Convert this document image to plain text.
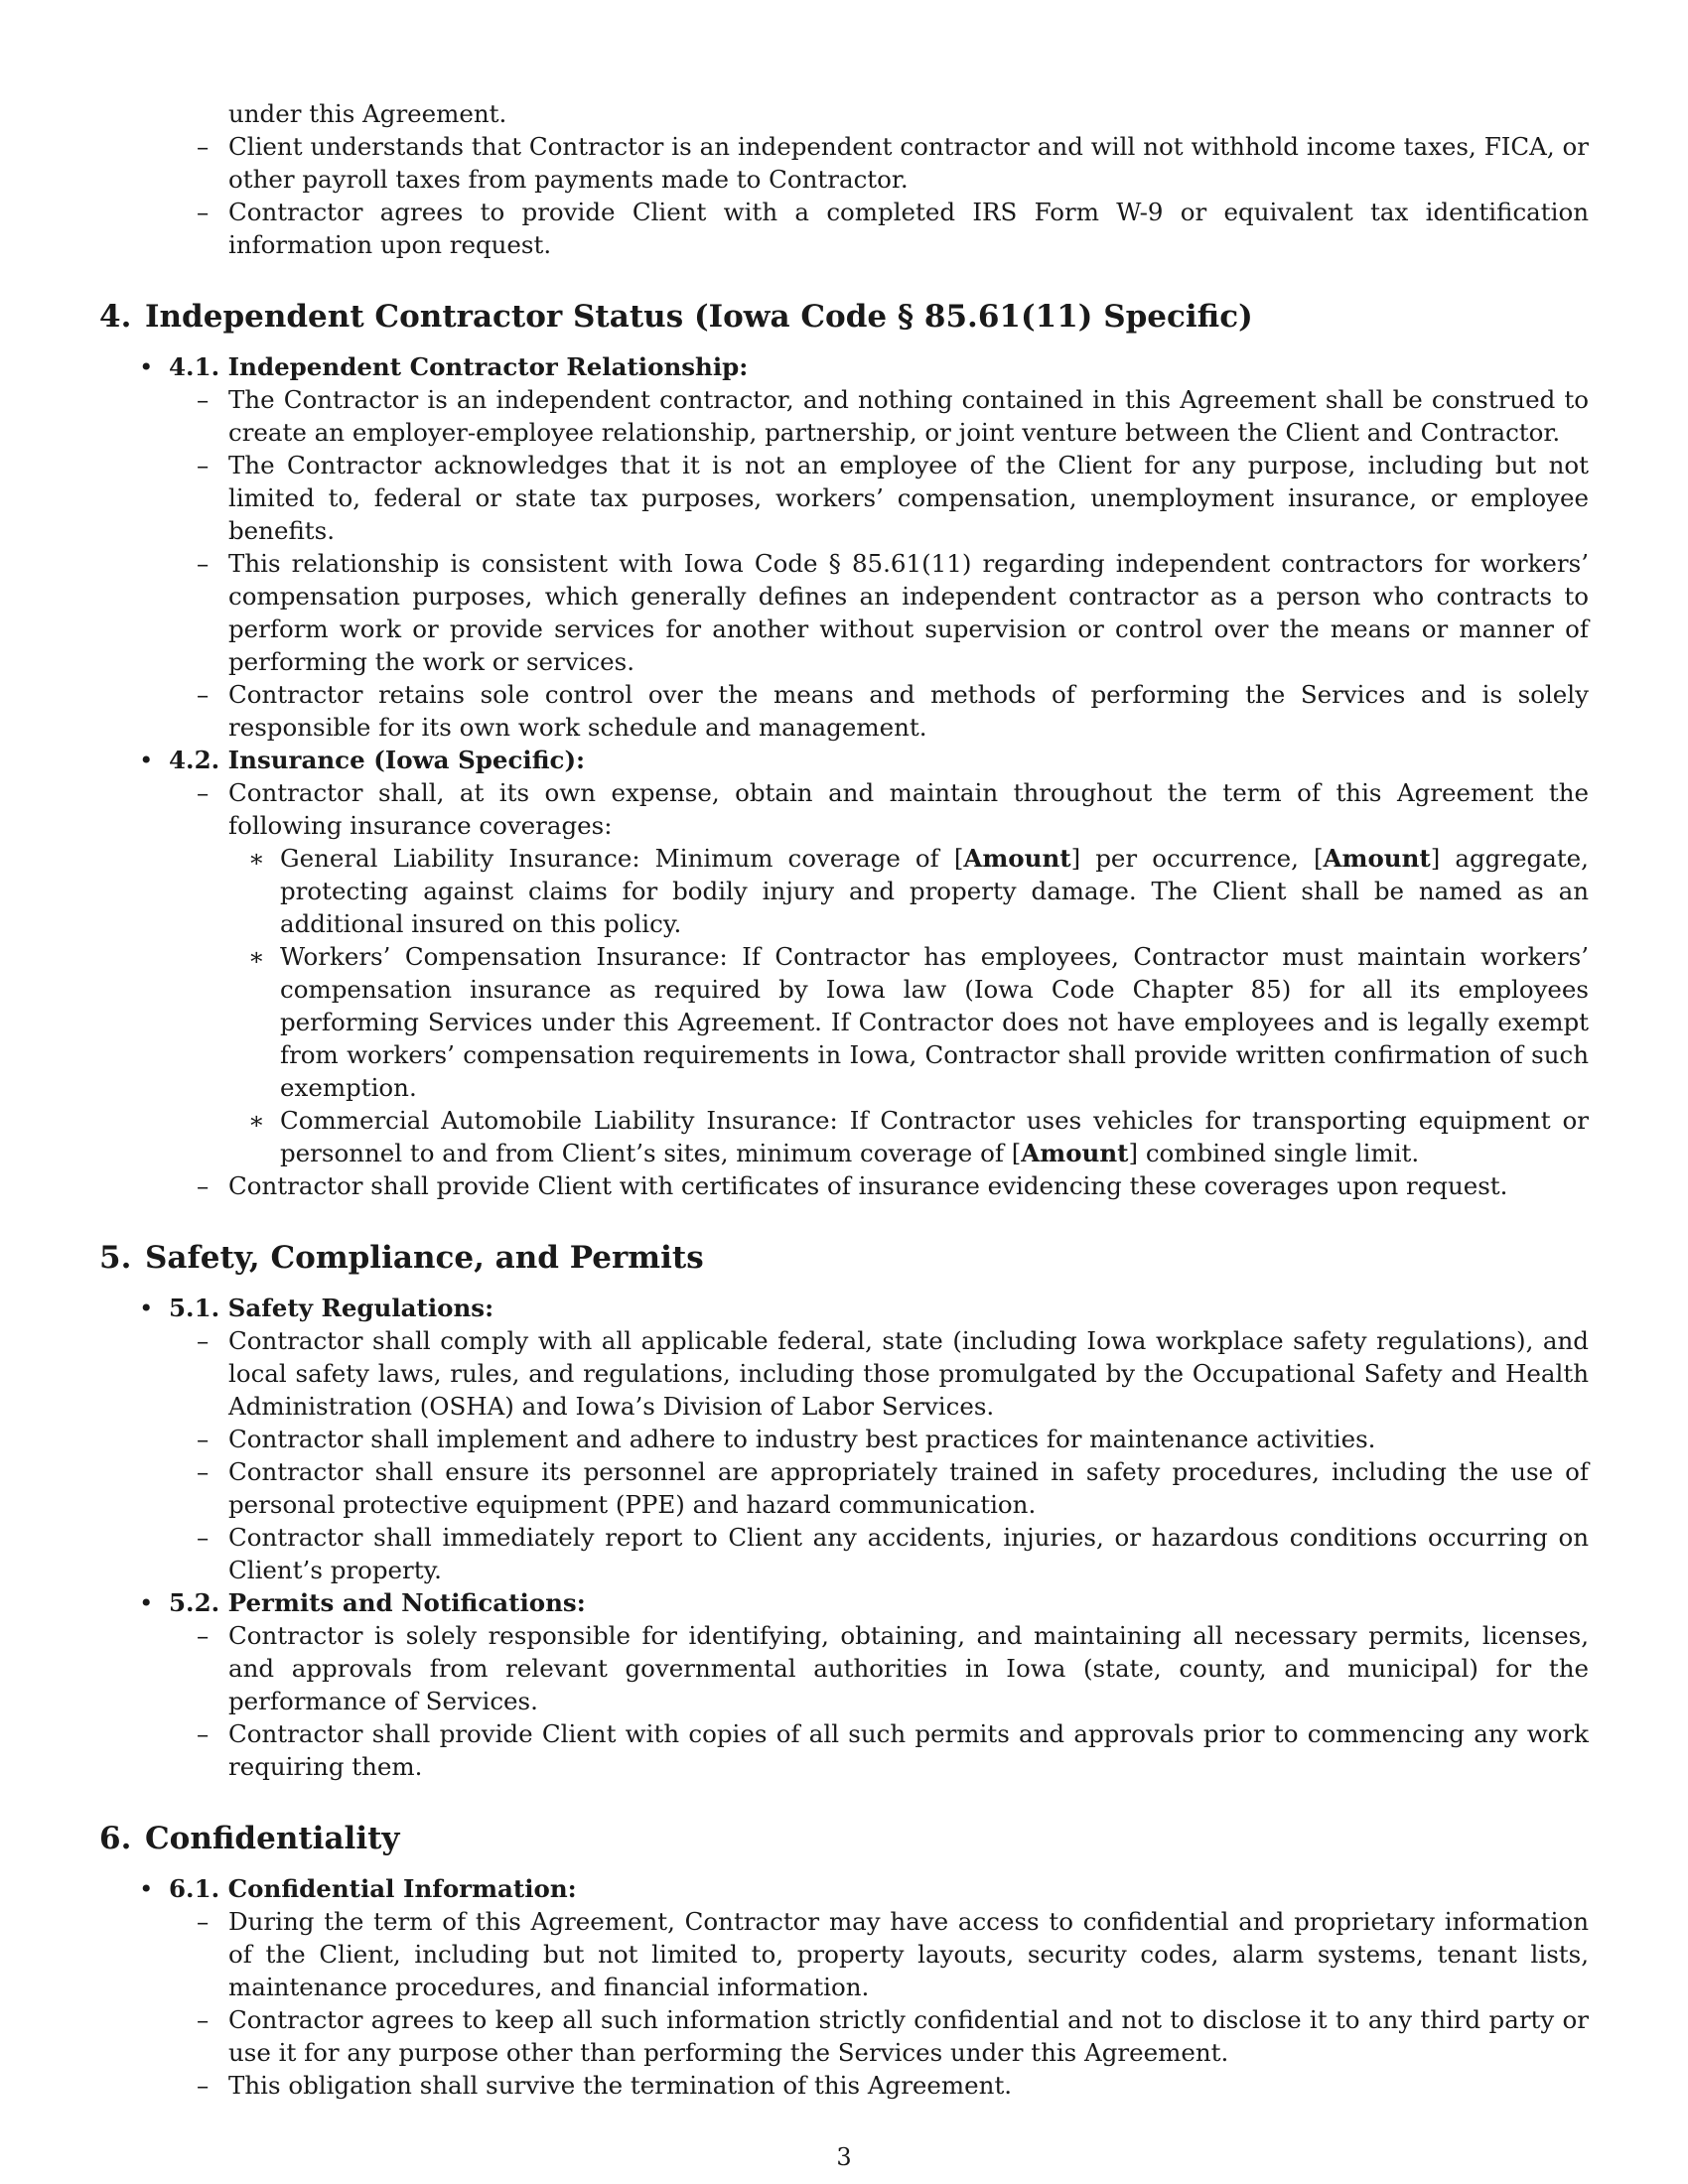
under this Agreement.
– Client understands that Contractor is an independent contractor and will not withhold income taxes, FICA, or other payroll taxes from payments made to Contractor.
– Contractor agrees to provide Client with a completed IRS Form W-9 or equivalent tax identification information upon request.
4. Independent Contractor Status (Iowa Code § 85.61(11) Specific)
• 4.1. Independent Contractor Relationship:
– The Contractor is an independent contractor, and nothing contained in this Agreement shall be construed to create an employer-employee relationship, partnership, or joint venture between the Client and Contractor.
– The Contractor acknowledges that it is not an employee of the Client for any purpose, including but not limited to, federal or state tax purposes, workers’ compensation, unemployment insurance, or employee benefits.
– This relationship is consistent with Iowa Code § 85.61(11) regarding independent contractors for workers’ compensation purposes, which generally defines an independent contractor as a person who contracts to perform work or provide services for another without supervision or control over the means or manner of performing the work or services.
– Contractor retains sole control over the means and methods of performing the Services and is solely responsible for its own work schedule and management.
• 4.2. Insurance (Iowa Specific):
– Contractor shall, at its own expense, obtain and maintain throughout the term of this Agreement the following insurance coverages:
∗ General Liability Insurance: Minimum coverage of [Amount] per occurrence, [Amount] aggregate, protecting against claims for bodily injury and property damage. The Client shall be named as an additional insured on this policy.
∗ Workers’ Compensation Insurance: If Contractor has employees, Contractor must maintain workers’ compensation insurance as required by Iowa law (Iowa Code Chapter 85) for all its employees performing Services under this Agreement. If Contractor does not have employees and is legally exempt from workers’ compensation requirements in Iowa, Contractor shall provide written confirmation of such exemption.
∗ Commercial Automobile Liability Insurance: If Contractor uses vehicles for transporting equipment or personnel to and from Client’s sites, minimum coverage of [Amount] combined single limit.
– Contractor shall provide Client with certificates of insurance evidencing these coverages upon request.
5. Safety, Compliance, and Permits
• 5.1. Safety Regulations:
– Contractor shall comply with all applicable federal, state (including Iowa workplace safety regulations), and local safety laws, rules, and regulations, including those promulgated by the Occupational Safety and Health Administration (OSHA) and Iowa’s Division of Labor Services.
– Contractor shall implement and adhere to industry best practices for maintenance activities.
– Contractor shall ensure its personnel are appropriately trained in safety procedures, including the use of personal protective equipment (PPE) and hazard communication.
– Contractor shall immediately report to Client any accidents, injuries, or hazardous conditions occurring on Client’s property.
• 5.2. Permits and Notifications:
– Contractor is solely responsible for identifying, obtaining, and maintaining all necessary permits, licenses, and approvals from relevant governmental authorities in Iowa (state, county, and municipal) for the performance of Services.
– Contractor shall provide Client with copies of all such permits and approvals prior to commencing any work requiring them.
6. Confidentiality
• 6.1. Confidential Information:
– During the term of this Agreement, Contractor may have access to confidential and proprietary information of the Client, including but not limited to, property layouts, security codes, alarm systems, tenant lists, maintenance procedures, and financial information.
– Contractor agrees to keep all such information strictly confidential and not to disclose it to any third party or use it for any purpose other than performing the Services under this Agreement.
– This obligation shall survive the termination of this Agreement.
3
